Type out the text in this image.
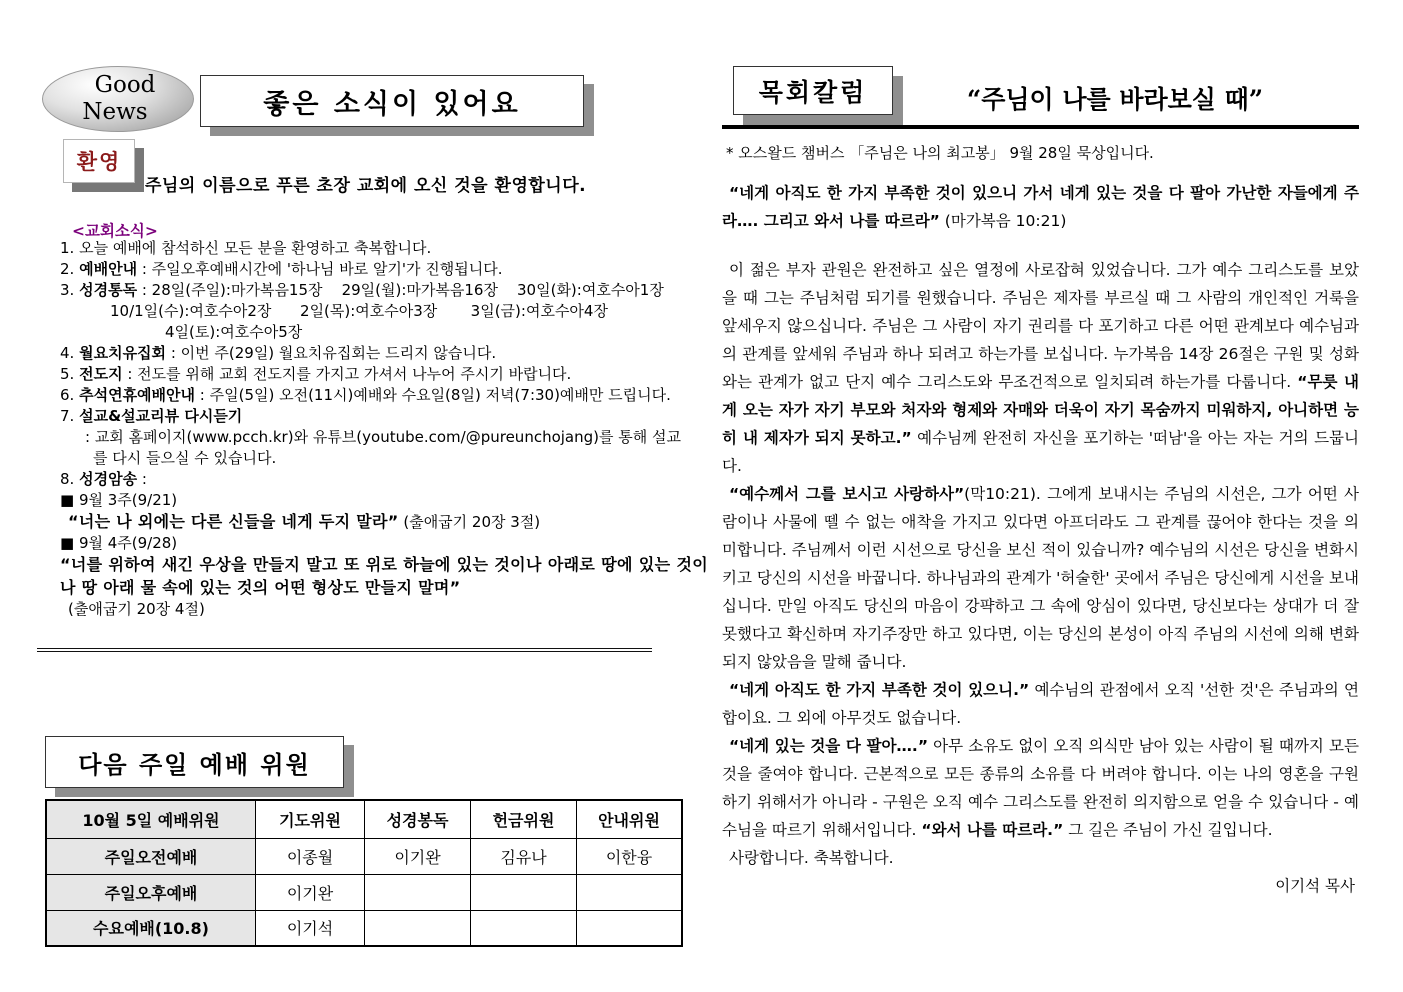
Good
News	좋은 소식이 있어요
환영
주님의 이름으로 푸른 초장 교회에 오신 것을 환영합니다.
<교회소식>
1. 오늘 예배에 참석하신 모든 분을 환영하고 축복합니다.
2. 예배안내 : 주일오후예배시간에 '하나님 바로 알기'가 진행됩니다.
3. 성경통독 : 28일(주일):마가복음15장    29일(월):마가복음16장    30일(화):여호수아1장
10/1일(수):여호수아2장      2일(목):여호수아3장       3일(금):여호수아4장
4일(토):여호수아5장
4. 월요치유집회 : 이번 주(29일) 월요치유집회는 드리지 않습니다.
5. 전도지 : 전도를 위해 교회 전도지를 가지고 가셔서 나누어 주시기 바랍니다.
6. 추석연휴예배안내 : 주일(5일) 오전(11시)예배와 수요일(8일) 저녁(7:30)예배만 드립니다.
7. 설교&설교리뷰 다시듣기
: 교회 홈페이지(www.pcch.kr)와 유튜브(youtube.com/@pureunchojang)를 통해 설교
를 다시 들으실 수 있습니다.
8. 성경암송 :
■ 9월 3주(9/21)
“너는 나 외에는 다른 신들을 네게 두지 말라” (출애굽기 20장 3절)
■ 9월 4주(9/28)
“너를 위하여 새긴 우상을 만들지 말고 또 위로 하늘에 있는 것이나 아래로 땅에 있는 것이나 땅 아래 물 속에 있는 것의 어떤 형상도 만들지 말며”
(출애굽기 20장 4절)
다음 주일 예배 위원
10월 5일 예배위원	기도위원	성경봉독	헌금위원	안내위원
주일오전예배	이종월	이기완	김유나	이한융
주일오후예배	이기완			
수요예배(10.8)	이기석			
목회칼럼	“주님이 나를 바라보실 때”
* 오스왈드 챔버스 「주님은 나의 최고봉」 9월 28일 묵상입니다.

“네게 아직도 한 가지 부족한 것이 있으니 가서 네게 있는 것을 다 팔아 가난한 자들에게 주라…. 그리고 와서 나를 따르라” (마가복음 10:21)

이 젊은 부자 관원은 완전하고 싶은 열정에 사로잡혀 있었습니다. 그가 예수 그리스도를 보았을 때 그는 주님처럼 되기를 원했습니다. 주님은 제자를 부르실 때 그 사람의 개인적인 거룩을 앞세우지 않으십니다. 주님은 그 사람이 자기 권리를 다 포기하고 다른 어떤 관계보다 예수님과의 관계를 앞세워 주님과 하나 되려고 하는가를 보십니다. 누가복음 14장 26절은 구원 및 성화와는 관계가 없고 단지 예수 그리스도와 무조건적으로 일치되려 하는가를 다룹니다. “무릇 내게 오는 자가 자기 부모와 처자와 형제와 자매와 더욱이 자기 목숨까지 미워하지, 아니하면 능히 내 제자가 되지 못하고.” 예수님께 완전히 자신을 포기하는 '떠남'을 아는 자는 거의 드뭅니다.

“예수께서 그를 보시고 사랑하사”(막10:21). 그에게 보내시는 주님의 시선은, 그가 어떤 사람이나 사물에 뗄 수 없는 애착을 가지고 있다면 아프더라도 그 관계를 끊어야 한다는 것을 의미합니다. 주님께서 이런 시선으로 당신을 보신 적이 있습니까? 예수님의 시선은 당신을 변화시키고 당신의 시선을 바꿉니다. 하나님과의 관계가 '허술한' 곳에서 주님은 당신에게 시선을 보내십니다. 만일 아직도 당신의 마음이 강퍅하고 그 속에 앙심이 있다면, 당신보다는 상대가 더 잘못했다고 확신하며 자기주장만 하고 있다면, 이는 당신의 본성이 아직 주님의 시선에 의해 변화되지 않았음을 말해 줍니다.

“네게 아직도 한 가지 부족한 것이 있으니.” 예수님의 관점에서 오직 '선한 것'은 주님과의 연합이요. 그 외에 아무것도 없습니다.

“네게 있는 것을 다 팔아….” 아무 소유도 없이 오직 의식만 남아 있는 사람이 될 때까지 모든 것을 줄여야 합니다. 근본적으로 모든 종류의 소유를 다 버려야 합니다. 이는 나의 영혼을 구원하기 위해서가 아니라 - 구원은 오직 예수 그리스도를 완전히 의지함으로 얻을 수 있습니다 - 예수님을 따르기 위해서입니다. “와서 나를 따르라.” 그 길은 주님이 가신 길입니다.

사랑합니다. 축복합니다.

이기석 목사
